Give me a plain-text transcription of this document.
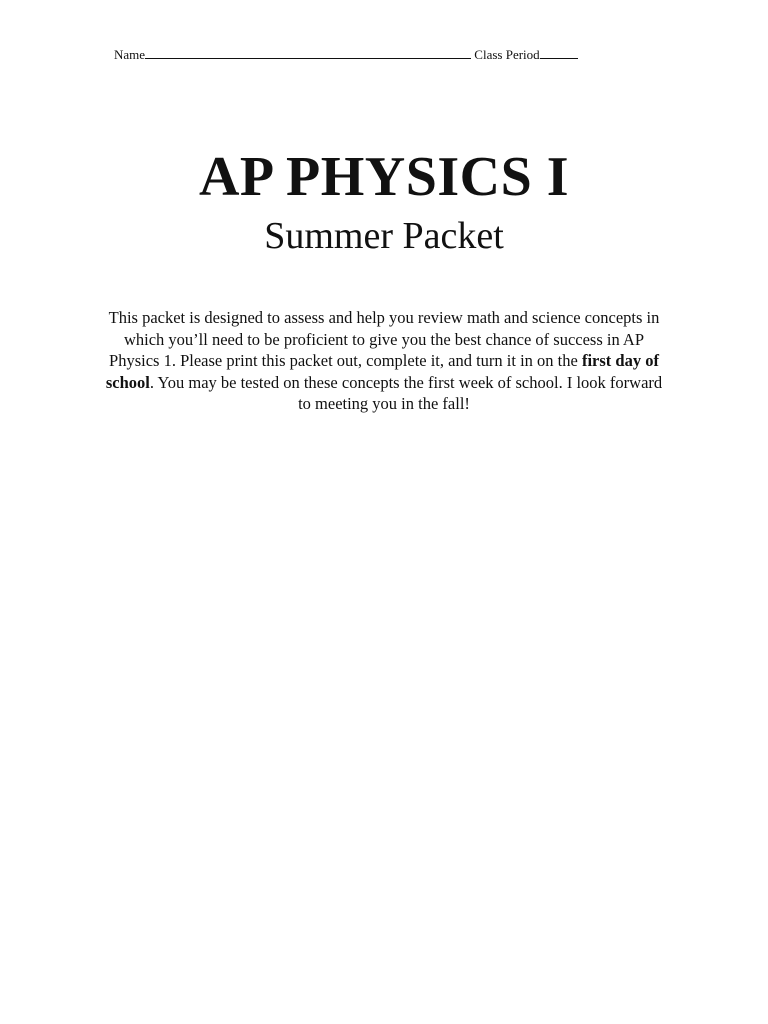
Name	Class Period
AP PHYSICS I
Summer Packet
This packet is designed to assess and help you review math and science concepts in which you’ll need to be proficient to give you the best chance of success in AP Physics 1. Please print this packet out, complete it, and turn it in on the first day of school. You may be tested on these concepts the first week of school. I look forward to meeting you in the fall!
